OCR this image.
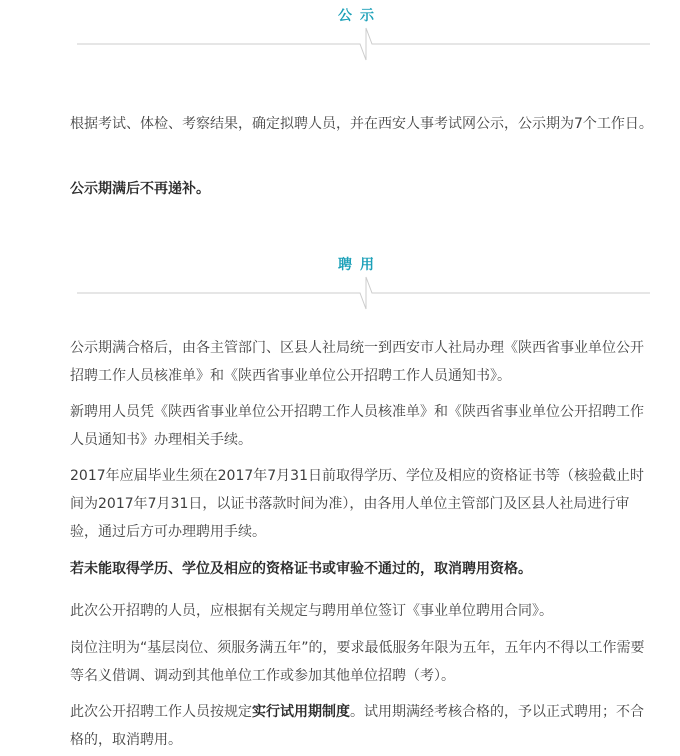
公示

根据考试、体检、考察结果，确定拟聘人员，并在西安人事考试网公示，公示期为7个工作日。

公示期满后不再递补。

聘用

公示期满合格后，由各主管部门、区县人社局统一到西安市人社局办理《陕西省事业单位公开招聘工作人员核准单》和《陕西省事业单位公开招聘工作人员通知书》。

新聘用人员凭《陕西省事业单位公开招聘工作人员核准单》和《陕西省事业单位公开招聘工作人员通知书》办理相关手续。

2017年应届毕业生须在2017年7月31日前取得学历、学位及相应的资格证书等（核验截止时间为2017年7月31日，以证书落款时间为准），由各用人单位主管部门及区县人社局进行审验，通过后方可办理聘用手续。

若未能取得学历、学位及相应的资格证书或审验不通过的，取消聘用资格。

此次公开招聘的人员，应根据有关规定与聘用单位签订《事业单位聘用合同》。

岗位注明为“基层岗位、须服务满五年”的，要求最低服务年限为五年，五年内不得以工作需要等名义借调、调动到其他单位工作或参加其他单位招聘（考）。

此次公开招聘工作人员按规定实行试用期制度。试用期满经考核合格的，予以正式聘用；不合格的，取消聘用。
